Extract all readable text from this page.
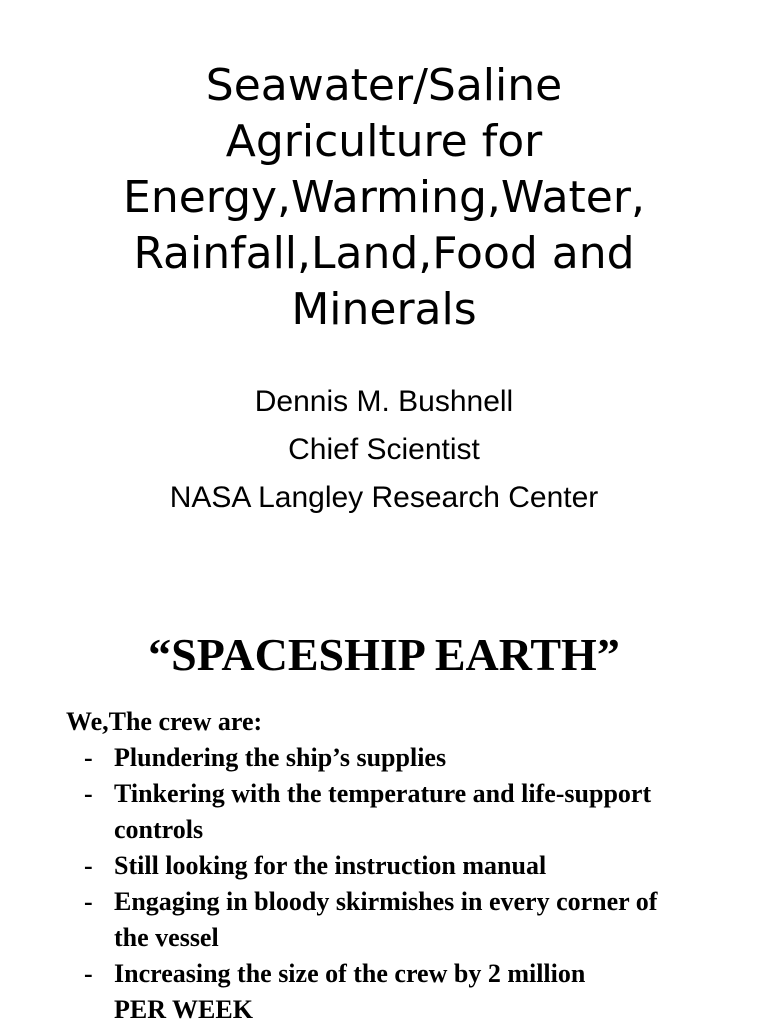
Seawater/Saline
Agriculture for
Energy,Warming,Water,
Rainfall,Land,Food and
Minerals
Dennis M. Bushnell
Chief Scientist
NASA Langley Research Center
“SPACESHIP EARTH”
We,The crew are:
- Plundering the ship’s supplies
- Tinkering with the temperature and life-support
controls
- Still looking for the instruction manual
- Engaging in bloody skirmishes in every corner of
the vessel
- Increasing the size of the crew by 2 million
PER WEEK
